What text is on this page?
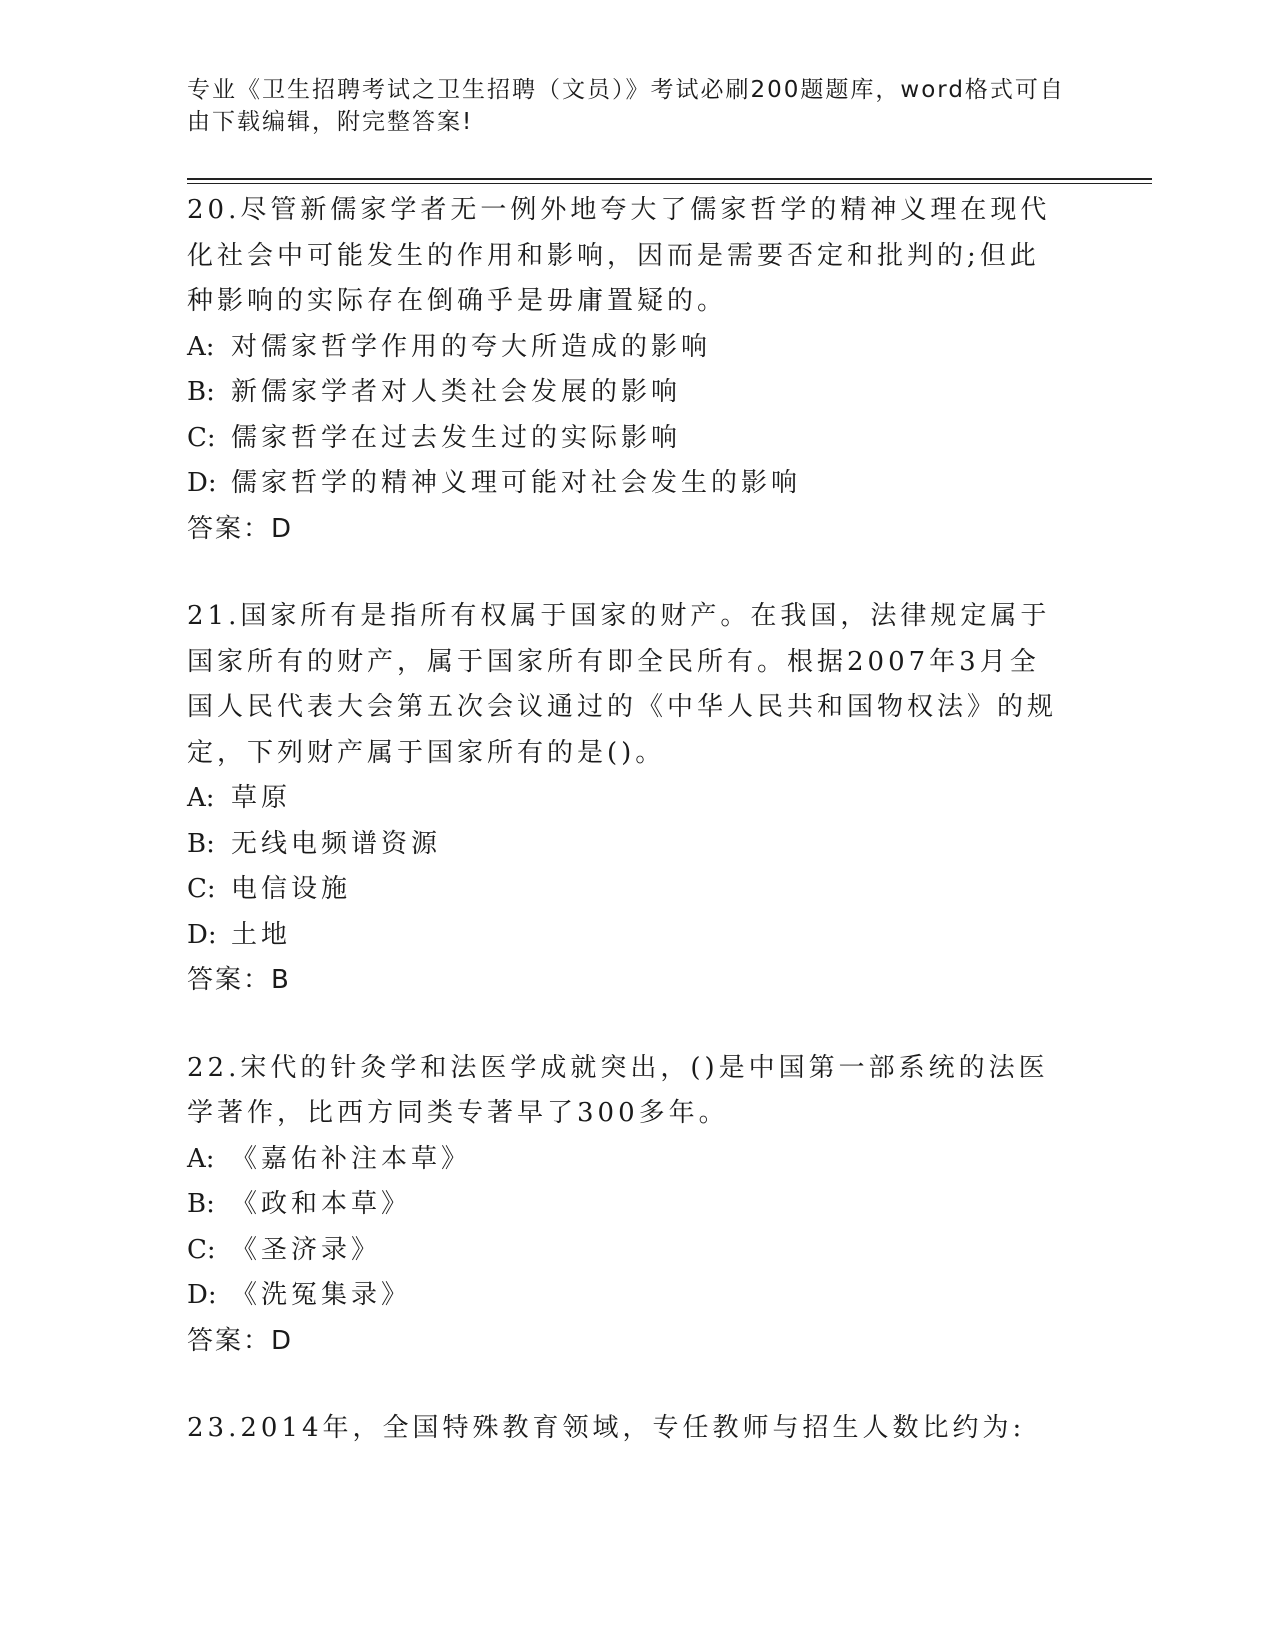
专业《卫生招聘考试之卫生招聘（文员）》考试必刷200题题库，word格式可自由下载编辑，附完整答案!

20.尽管新儒家学者无一例外地夸大了儒家哲学的精神义理在现代化社会中可能发生的作用和影响，因而是需要否定和批判的;但此种影响的实际存在倒确乎是毋庸置疑的。

A: 对儒家哲学作用的夸大所造成的影响

B: 新儒家学者对人类社会发展的影响

C: 儒家哲学在过去发生过的实际影响

D: 儒家哲学的精神义理可能对社会发生的影响

答案：D

21.国家所有是指所有权属于国家的财产。在我国，法律规定属于国家所有的财产，属于国家所有即全民所有。根据2007年3月全国人民代表大会第五次会议通过的《中华人民共和国物权法》的规定，下列财产属于国家所有的是()。

A: 草原

B: 无线电频谱资源

C: 电信设施

D: 土地

答案：B

22.宋代的针灸学和法医学成就突出，()是中国第一部系统的法医学著作，比西方同类专著早了300多年。

A: 《嘉佑补注本草》

B: 《政和本草》

C: 《圣济录》

D: 《洗冤集录》

答案：D

23.2014年，全国特殊教育领域，专任教师与招生人数比约为:
